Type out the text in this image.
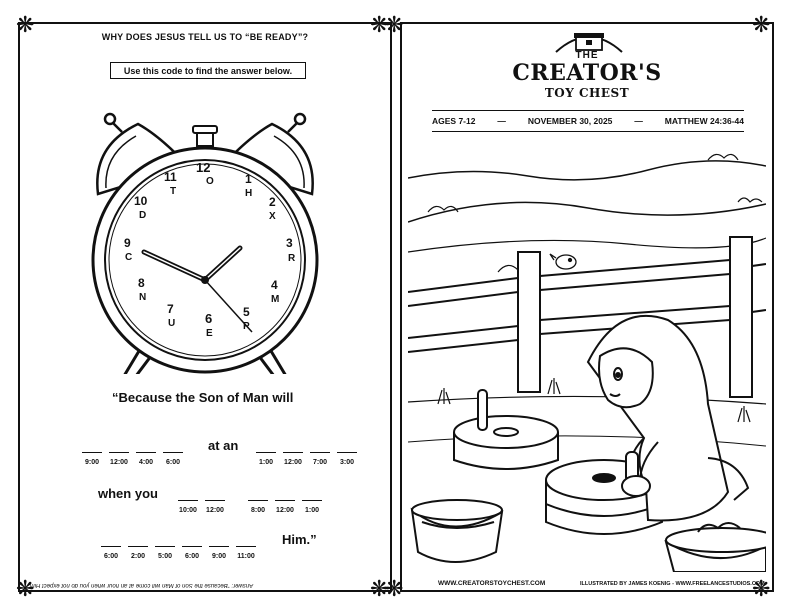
WHY DOES JESUS TELL US TO “BE READY”?
Use this code to find the answer below.
12
O	1
H
2
X
3
R
4
M
5
P
6
E
7
U
8
N
9
C
10
D
11
T
“Because the Son of Man will
9:00	12:00	4:00	6:00
at an
1:00	12:00	7:00	3:00
when you
10:00	12:00	8:00	12:00	1:00
6:00	2:00	5:00	6:00	9:00	11:00
Him.”
Answer: “Because the Son of Man will come at an hour when you do not expect Him.”
THE
CREATOR'S
TOY CHEST
AGES 7-12	—	NOVEMBER 30, 2025	—	MATTHEW 24:36-44
WWW.CREATORSTOYCHEST.COM	ILLUSTRATED BY JAMES KOENIG - WWW.FREELANCESTUDIOS.COM
❋	❋
❋	❋
❋	❋
❋	❋
